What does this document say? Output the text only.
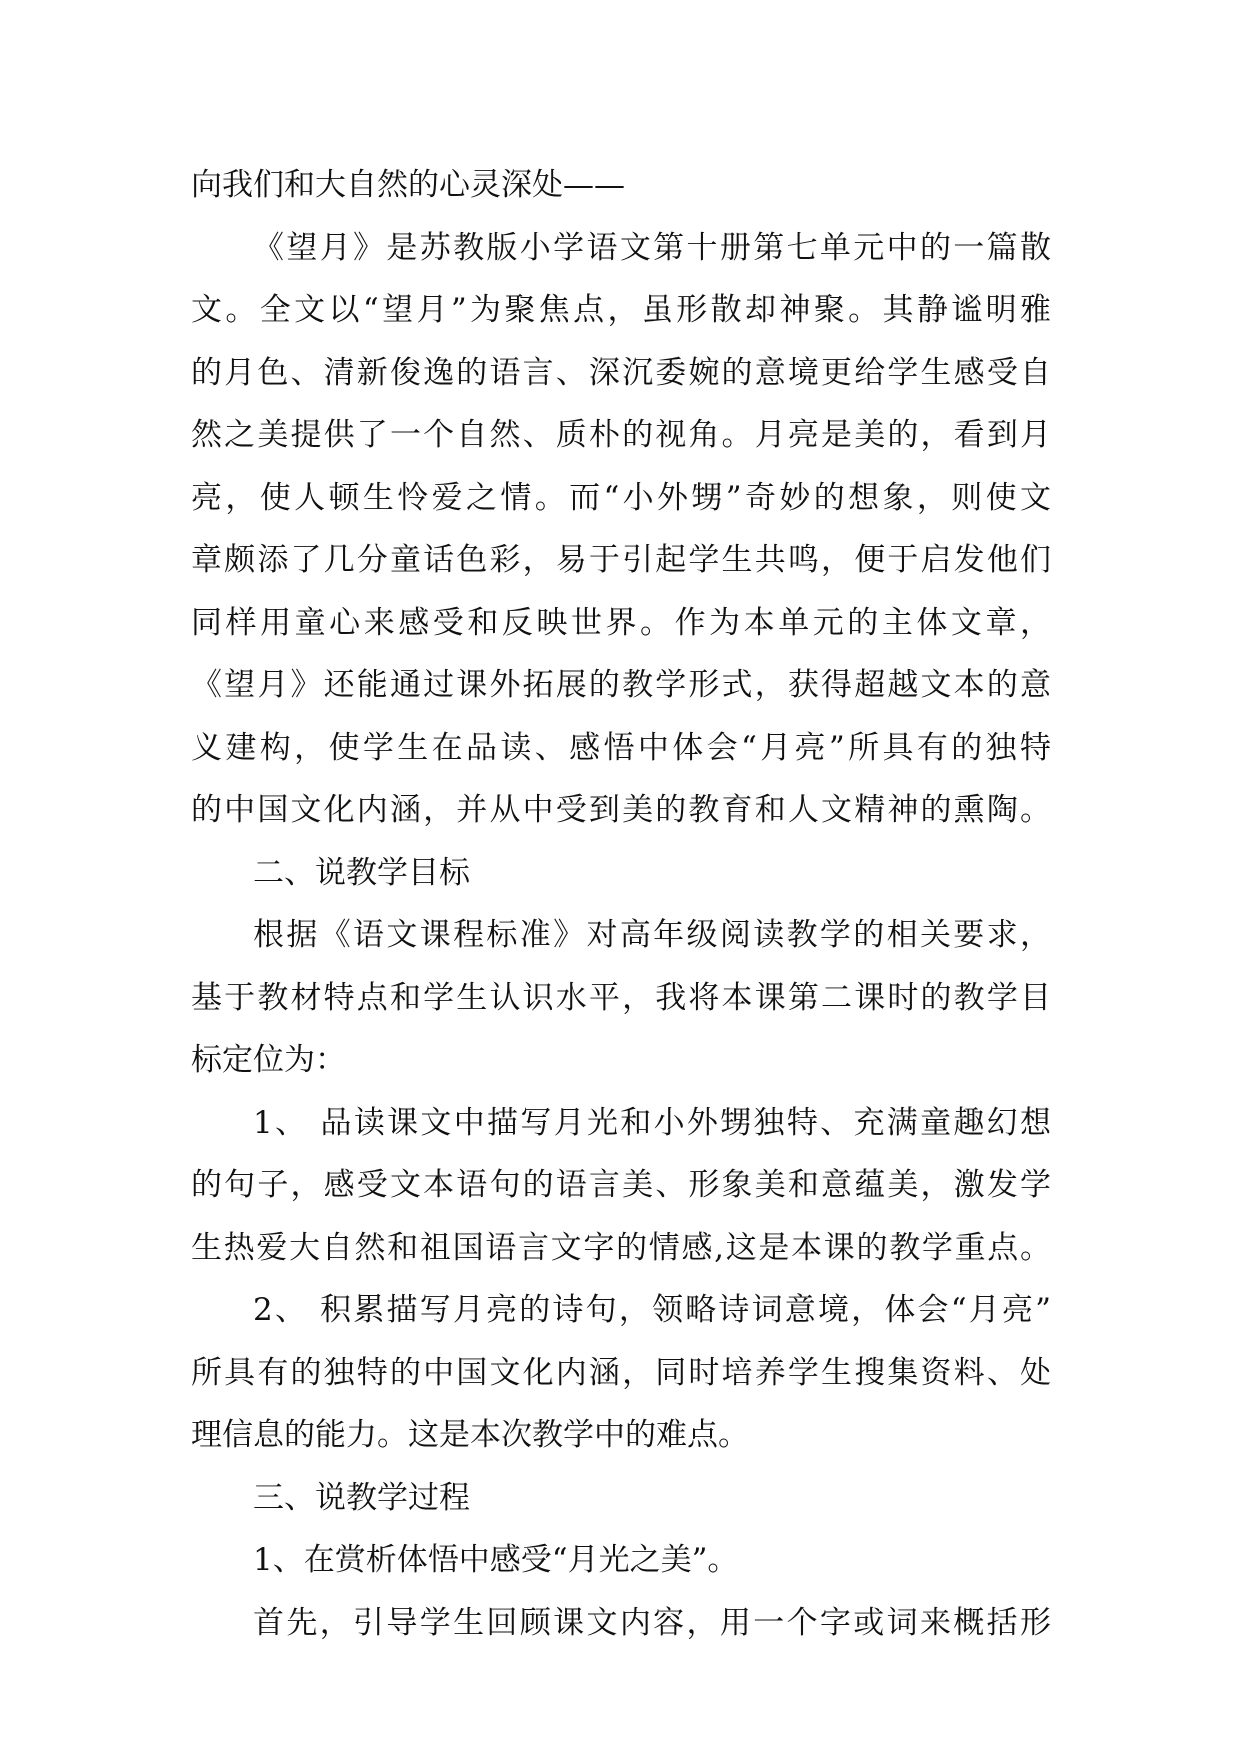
向我们和大自然的心灵深处——
《望月》是苏教版小学语文第十册第七单元中的一篇散
文。全文以“望月”为聚焦点，虽形散却神聚。其静谧明雅
的月色、清新俊逸的语言、深沉委婉的意境更给学生感受自
然之美提供了一个自然、质朴的视角。月亮是美的，看到月
亮，使人顿生怜爱之情。而“小外甥”奇妙的想象，则使文
章颇添了几分童话色彩，易于引起学生共鸣，便于启发他们
同样用童心来感受和反映世界。作为本单元的主体文章，
《望月》还能通过课外拓展的教学形式，获得超越文本的意
义建构，使学生在品读、感悟中体会“月亮”所具有的独特
的中国文化内涵，并从中受到美的教育和人文精神的熏陶。
二、说教学目标
根据《语文课程标准》对高年级阅读教学的相关要求，
基于教材特点和学生认识水平，我将本课第二课时的教学目
标定位为：
1、 品读课文中描写月光和小外甥独特、充满童趣幻想
的句子，感受文本语句的语言美、形象美和意蕴美，激发学
生热爱大自然和祖国语言文字的情感,这是本课的教学重点。
2、 积累描写月亮的诗句，领略诗词意境，体会“月亮”
所具有的独特的中国文化内涵，同时培养学生搜集资料、处
理信息的能力。这是本次教学中的难点。
三、说教学过程
1、在赏析体悟中感受“月光之美”。
首先，引导学生回顾课文内容，用一个字或词来概括形
